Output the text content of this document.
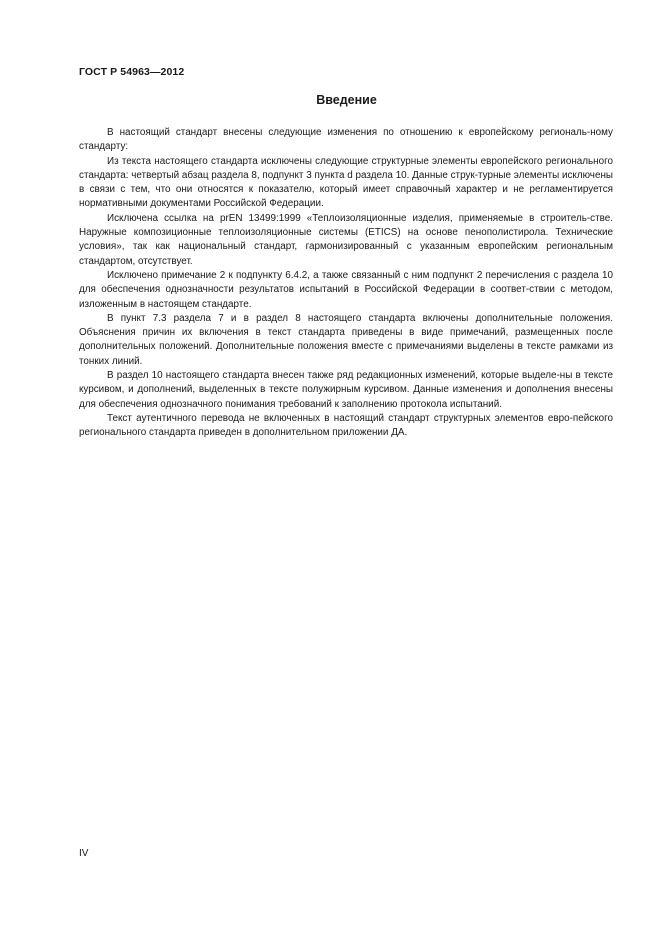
ГОСТ Р 54963—2012
Введение

В настоящий стандарт внесены следующие изменения по отношению к европейскому региональ-ному стандарту:

Из текста настоящего стандарта исключены следующие структурные элементы европейского регионального стандарта: четвертый абзац раздела 8, подпункт 3 пункта d раздела 10. Данные струк-турные элементы исключены в связи с тем, что они относятся к показателю, который имеет справочный характер и не регламентируется нормативными документами Российской Федерации.

Исключена ссылка на prEN 13499:1999 «Теплоизоляционные изделия, применяемые в строитель-стве. Наружные композиционные теплоизоляционные системы (ETICS) на основе пенополистирола. Технические условия», так как национальный стандарт, гармонизированный с указанным европейским региональным стандартом, отсутствует.

Исключено примечание 2 к подпункту 6.4.2, а также связанный с ним подпункт 2 перечисления с раздела 10 для обеспечения однозначности результатов испытаний в Российской Федерации в соответ-ствии с методом, изложенным в настоящем стандарте.

В пункт 7.3 раздела 7 и в раздел 8 настоящего стандарта включены дополнительные положения. Объяснения причин их включения в текст стандарта приведены в виде примечаний, размещенных после дополнительных положений. Дополнительные положения вместе с примечаниями выделены в тексте рамками из тонких линий.

В раздел 10 настоящего стандарта внесен также ряд редакционных изменений, которые выделе-ны в тексте курсивом, и дополнений, выделенных в тексте полужирным курсивом. Данные изменения и дополнения внесены для обеспечения однозначного понимания требований к заполнению протокола испытаний.

Текст аутентичного перевода не включенных в настоящий стандарт структурных элементов евро-пейского регионального стандарта приведен в дополнительном приложении ДА.

IV
